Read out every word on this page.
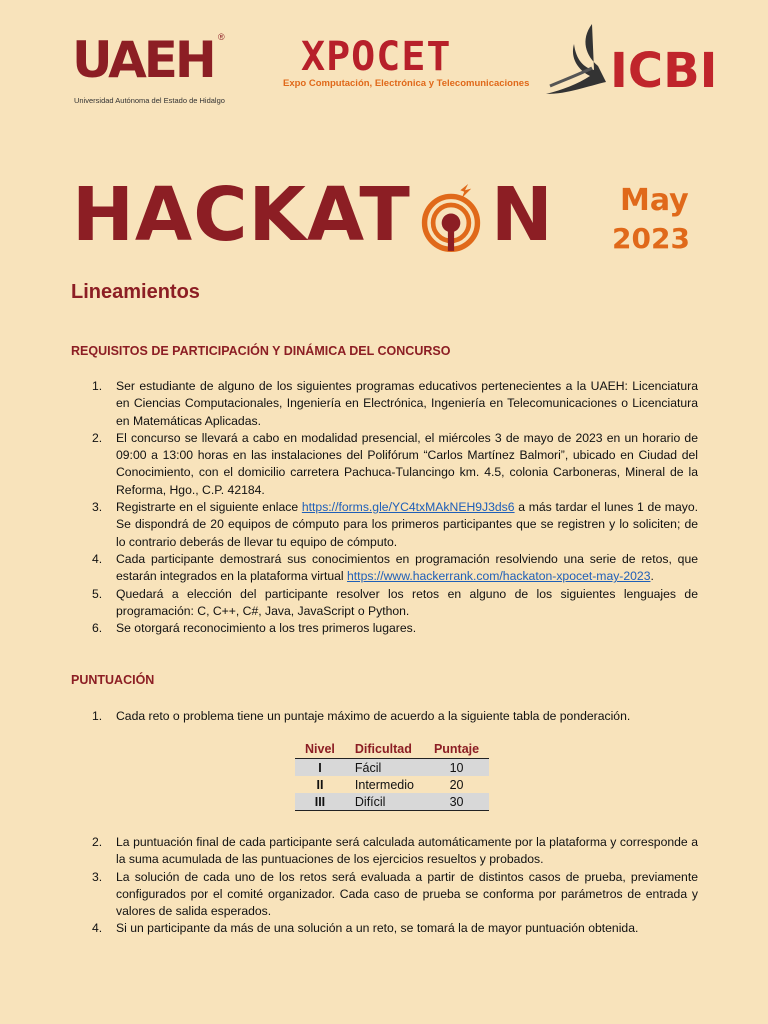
UAEH ®
Universidad Autónoma del Estado de Hidalgo
XPOCET
Expo Computación, Electrónica y Telecomunicaciones ICBI
HACKAT N May
2023
Lineamientos
REQUISITOS DE PARTICIPACIÓN Y DINÁMICA DEL CONCURSO
1. Ser estudiante de alguno de los siguientes programas educativos pertenecientes a la UAEH: Licenciatura en Ciencias Computacionales, Ingeniería en Electrónica, Ingeniería en Telecomunicaciones o Licenciatura en Matemáticas Aplicadas.
2. El concurso se llevará a cabo en modalidad presencial, el miércoles 3 de mayo de 2023 en un horario de 09:00 a 13:00 horas en las instalaciones del Polifórum “Carlos Martínez Balmori”, ubicado en Ciudad del Conocimiento, con el domicilio carretera Pachuca-Tulancingo km. 4.5, colonia Carboneras, Mineral de la Reforma, Hgo., C.P. 42184.
3. Registrarte en el siguiente enlace https://forms.gle/YC4txMAkNEH9J3ds6 a más tardar el lunes 1 de mayo. Se dispondrá de 20 equipos de cómputo para los primeros participantes que se registren y lo soliciten; de lo contrario deberás de llevar tu equipo de cómputo.
4. Cada participante demostrará sus conocimientos en programación resolviendo una serie de retos, que estarán integrados en la plataforma virtual https://www.hackerrank.com/hackaton-xpocet-may-2023.
5. Quedará a elección del participante resolver los retos en alguno de los siguientes lenguajes de programación: C, C++, C#, Java, JavaScript o Python.
6. Se otorgará reconocimiento a los tres primeros lugares.
PUNTUACIÓN
1. Cada reto o problema tiene un puntaje máximo de acuerdo a la siguiente tabla de ponderación.
Nivel	Dificultad	Puntaje
I	Fácil	10
II	Intermedio	20
III	Difícil	30
2. La puntuación final de cada participante será calculada automáticamente por la plataforma y corresponde a la suma acumulada de las puntuaciones de los ejercicios resueltos y probados.
3. La solución de cada uno de los retos será evaluada a partir de distintos casos de prueba, previamente configurados por el comité organizador. Cada caso de prueba se conforma por parámetros de entrada y valores de salida esperados.
4. Si un participante da más de una solución a un reto, se tomará la de mayor puntuación obtenida.
